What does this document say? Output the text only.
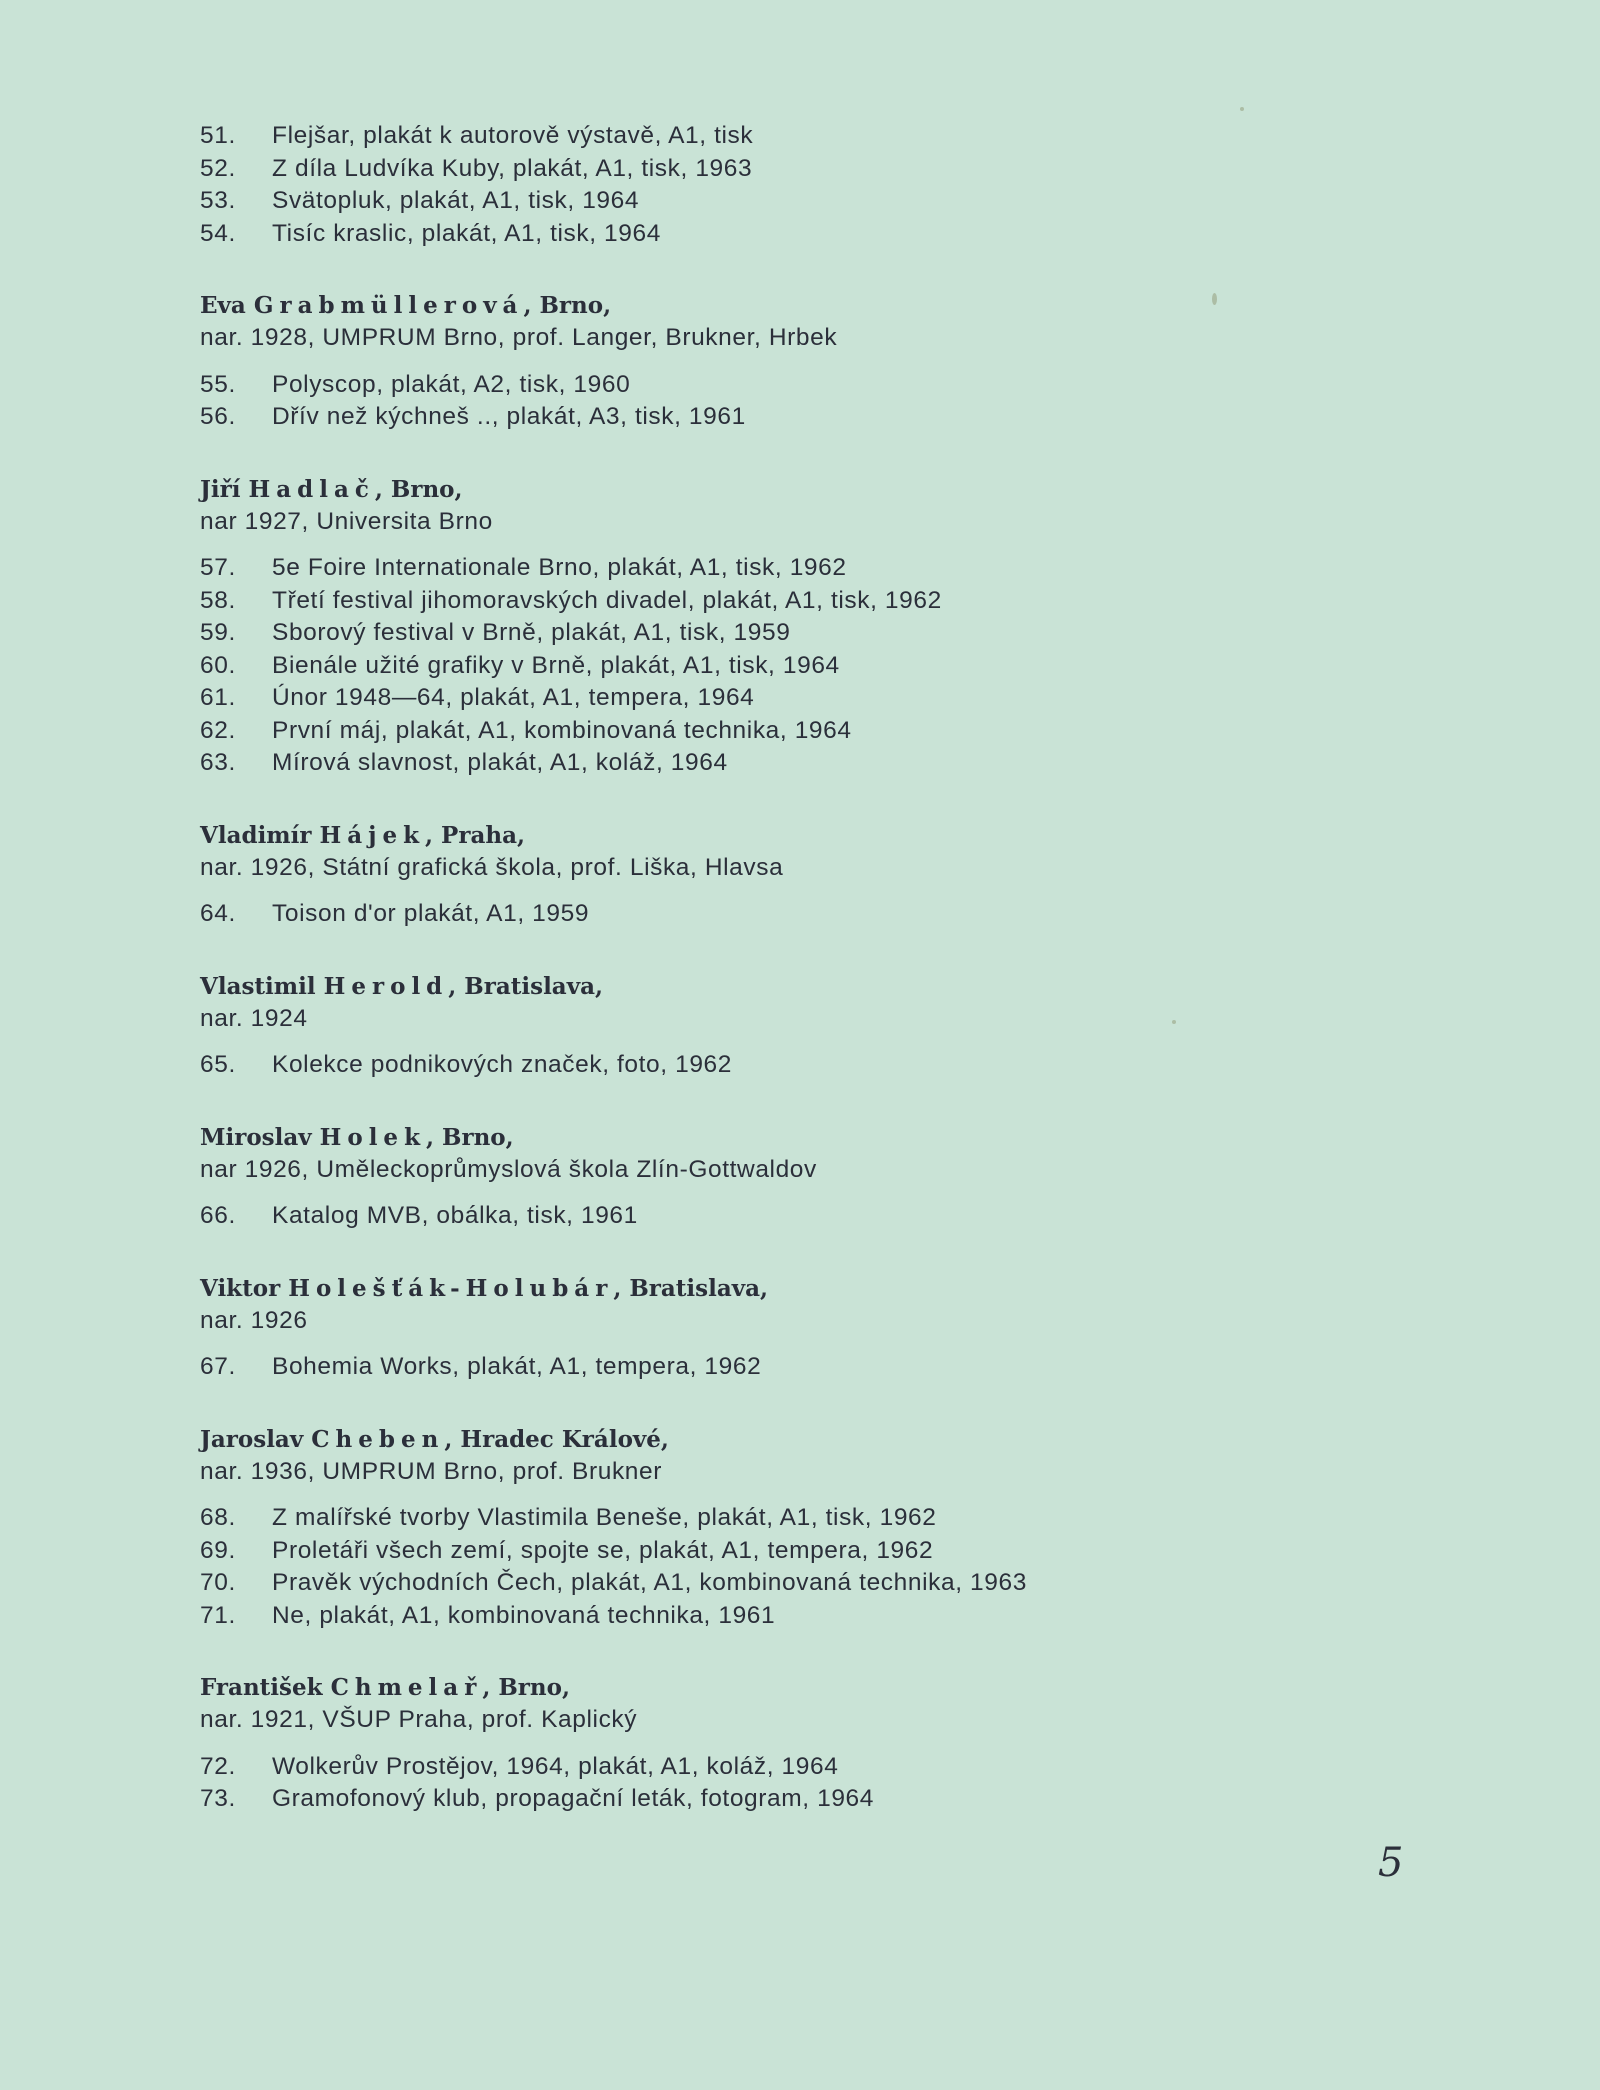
51.	Flejšar, plakát k autorově výstavě, A1, tisk
52.	Z díla Ludvíka Kuby, plakát, A1, tisk, 1963
53.	Svätopluk, plakát, A1, tisk, 1964
54.	Tisíc kraslic, plakát, A1, tisk, 1964
Eva Grabmüllerová, Brno,
nar. 1928, UMPRUM Brno, prof. Langer, Brukner, Hrbek
55.	Polyscop, plakát, A2, tisk, 1960
56.	Dřív než kýchneš .., plakát, A3, tisk, 1961
Jiří Hadlač, Brno,
nar 1927, Universita Brno
57.	5e Foire Internationale Brno, plakát, A1, tisk, 1962
58.	Třetí festival jihomoravských divadel, plakát, A1, tisk, 1962
59.	Sborový festival v Brně, plakát, A1, tisk, 1959
60.	Bienále užité grafiky v Brně, plakát, A1, tisk, 1964
61.	Únor 1948—64, plakát, A1, tempera, 1964
62.	První máj, plakát, A1, kombinovaná technika, 1964
63.	Mírová slavnost, plakát, A1, koláž, 1964
Vladimír Hájek, Praha,
nar. 1926, Státní grafická škola, prof. Liška, Hlavsa
64.	Toison d'or plakát, A1, 1959
Vlastimil Herold, Bratislava,
nar. 1924
65.	Kolekce podnikových značek, foto, 1962
Miroslav Holek, Brno,
nar 1926, Uměleckoprůmyslová škola Zlín-Gottwaldov
66.	Katalog MVB, obálka, tisk, 1961
Viktor Holešťák-Holubár, Bratislava,
nar. 1926
67.	Bohemia Works, plakát, A1, tempera, 1962
Jaroslav Cheben, Hradec Králové,
nar. 1936, UMPRUM Brno, prof. Brukner
68.	Z malířské tvorby Vlastimila Beneše, plakát, A1, tisk, 1962
69.	Proletáři všech zemí, spojte se, plakát, A1, tempera, 1962
70.	Pravěk východních Čech, plakát, A1, kombinovaná technika, 1963
71.	Ne, plakát, A1, kombinovaná technika, 1961
František Chmelař, Brno,
nar. 1921, VŠUP Praha, prof. Kaplický
72.	Wolkerův Prostějov, 1964, plakát, A1, koláž, 1964
73.	Gramofonový klub, propagační leták, fotogram, 1964
5
